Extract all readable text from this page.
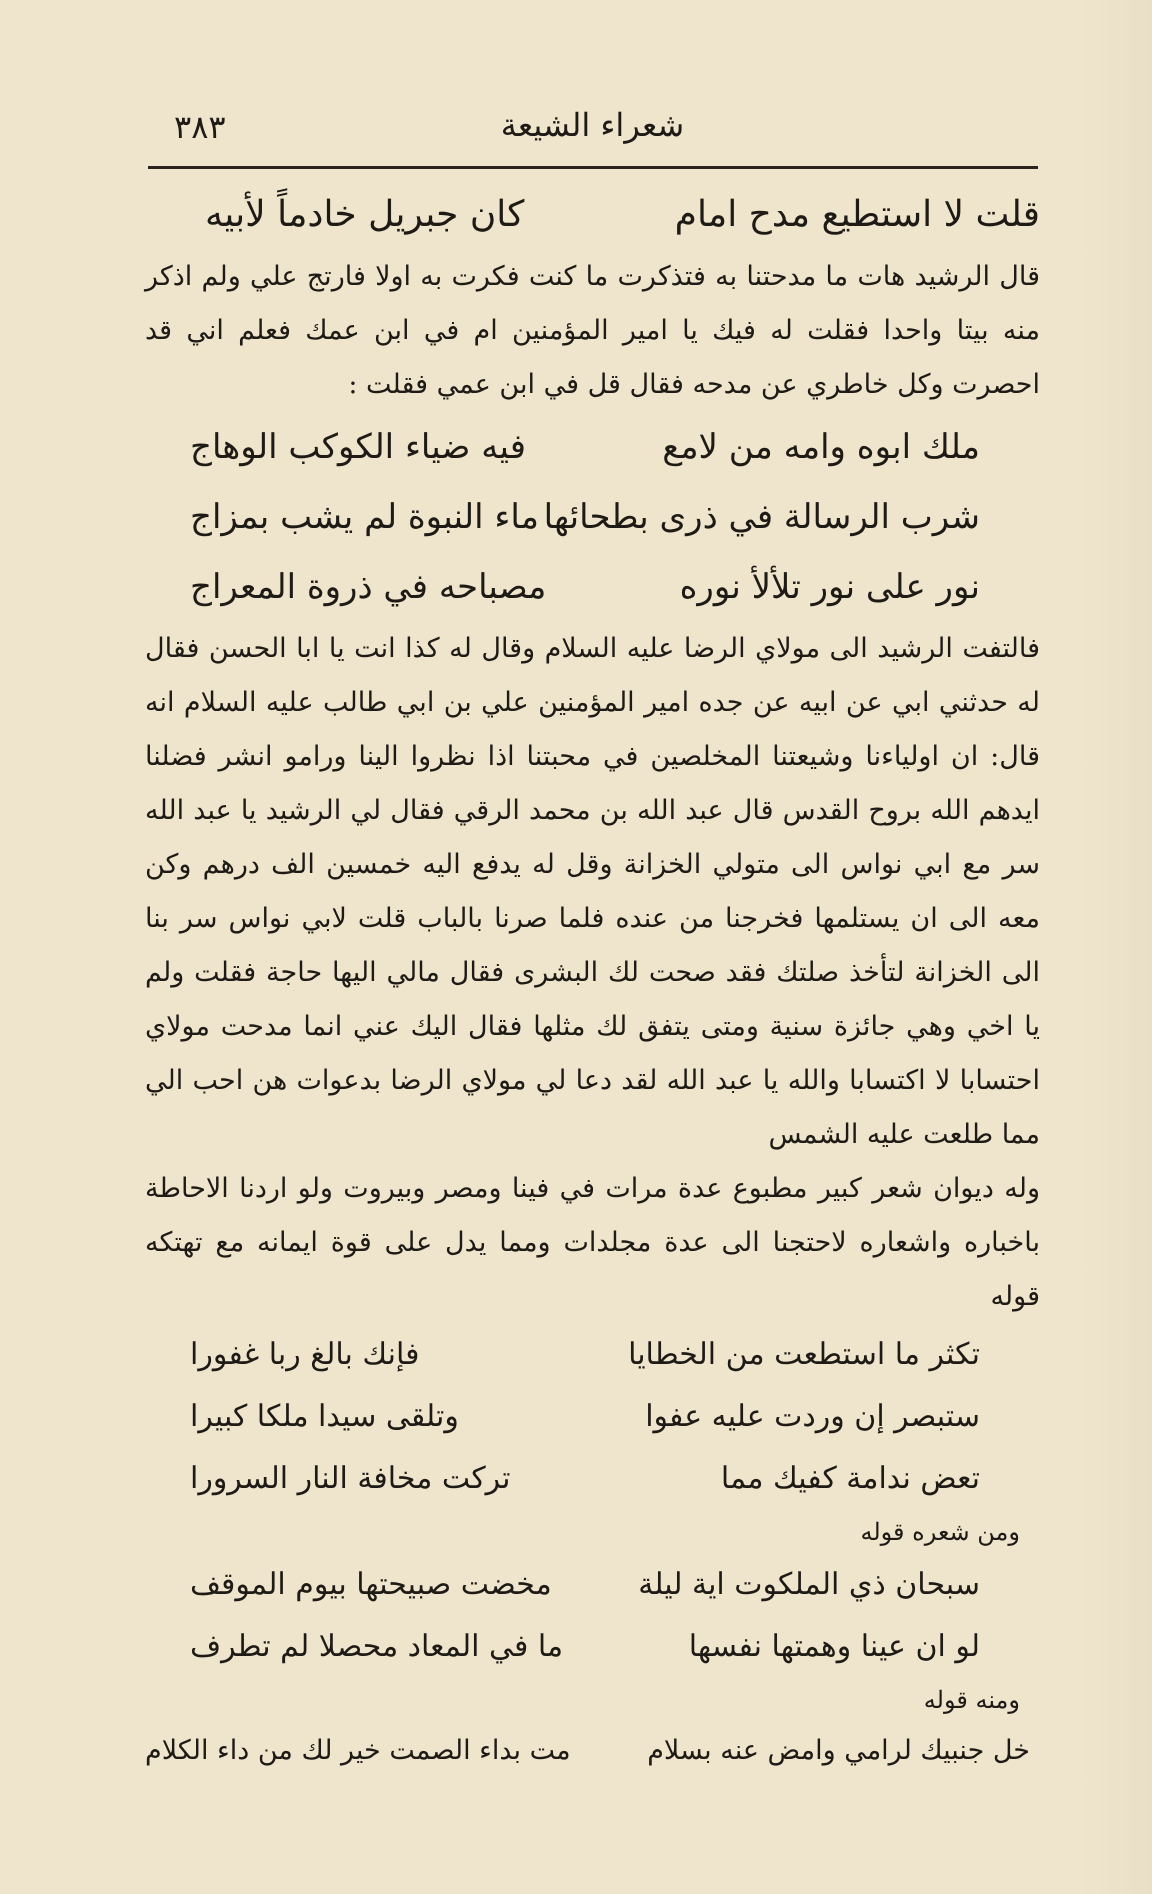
٣٨٣	شعراء الشيعة
قلت لا استطيع مدح امام
كان جبريل خادماً لأبيه

قال الرشيد هات ما مدحتنا به فتذكرت ما كنت فكرت به اولا فارتج علي ولم اذكر منه بيتا واحدا فقلت له فيك يا امير المؤمنين ام في ابن عمك فعلم اني قد احصرت وكل خاطري عن مدحه فقال قل في ابن عمي فقلت :

ملك ابوه وامه من لامع
فيه ضياء الكوكب الوهاج
شرب الرسالة في ذرى بطحائها
ماء النبوة لم يشب بمزاج
نور على نور تلألأ نوره
مصباحه في ذروة المعراج

فالتفت الرشيد الى مولاي الرضا عليه السلام وقال له كذا انت يا ابا الحسن فقال له حدثني ابي عن ابيه عن جده امير المؤمنين علي بن ابي طالب عليه السلام انه قال: ان اولياءنا وشيعتنا المخلصين في محبتنا اذا نظروا الينا ورامو انشر فضلنا ايدهم الله بروح القدس قال عبد الله بن محمد الرقي فقال لي الرشيد يا عبد الله سر مع ابي نواس الى متولي الخزانة وقل له يدفع اليه خمسين الف درهم وكن معه الى ان يستلمها فخرجنا من عنده فلما صرنا بالباب قلت لابي نواس سر بنا الى الخزانة لتأخذ صلتك فقد صحت لك البشرى فقال مالي اليها حاجة فقلت ولم يا اخي وهي جائزة سنية ومتى يتفق لك مثلها فقال اليك عني انما مدحت مولاي احتسابا لا اكتسابا والله يا عبد الله لقد دعا لي مولاي الرضا بدعوات هن احب الي مما طلعت عليه الشمس

وله ديوان شعر كبير مطبوع عدة مرات في فينا ومصر وبيروت ولو اردنا الاحاطة باخباره واشعاره لاحتجنا الى عدة مجلدات ومما يدل على قوة ايمانه مع تهتكه قوله

تكثر ما استطعت من الخطايا
فإنك بالغ ربا غفورا
ستبصر إن وردت عليه عفوا
وتلقى سيدا ملكا كبيرا
تعض ندامة كفيك مما
تركت مخافة النار السرورا
ومن شعره قوله
سبحان ذي الملكوت اية ليلة
مخضت صبيحتها بيوم الموقف
لو ان عينا وهمتها نفسها
ما في المعاد محصلا لم تطرف
ومنه قوله
خل جنبيك لرامي وامض عنه بسلام
مت بداء الصمت خير لك من داء الكلام
